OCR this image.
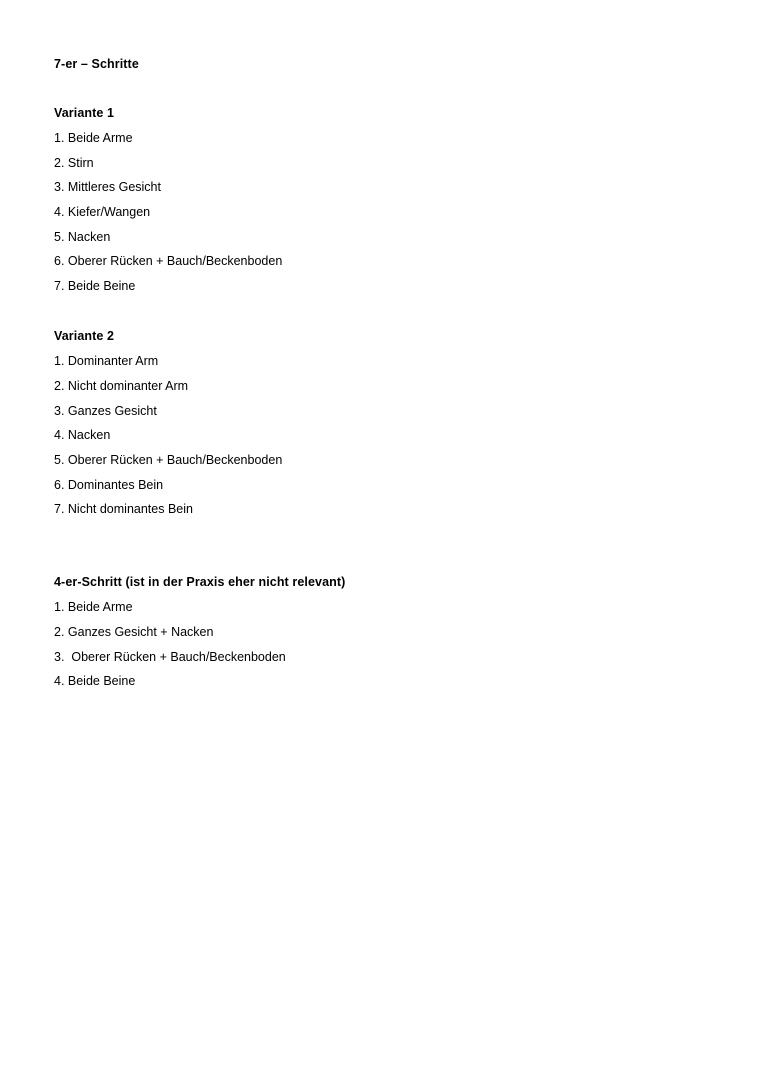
7-er – Schritte
Variante 1
1. Beide Arme
2. Stirn
3. Mittleres Gesicht
4. Kiefer/Wangen
5. Nacken
6. Oberer Rücken + Bauch/Beckenboden
7. Beide Beine
Variante 2
1. Dominanter Arm
2. Nicht dominanter Arm
3. Ganzes Gesicht
4. Nacken
5. Oberer Rücken + Bauch/Beckenboden
6. Dominantes Bein
7. Nicht dominantes Bein
4-er-Schritt (ist in der Praxis eher nicht relevant)
1. Beide Arme
2. Ganzes Gesicht + Nacken
3.  Oberer Rücken + Bauch/Beckenboden
4. Beide Beine
